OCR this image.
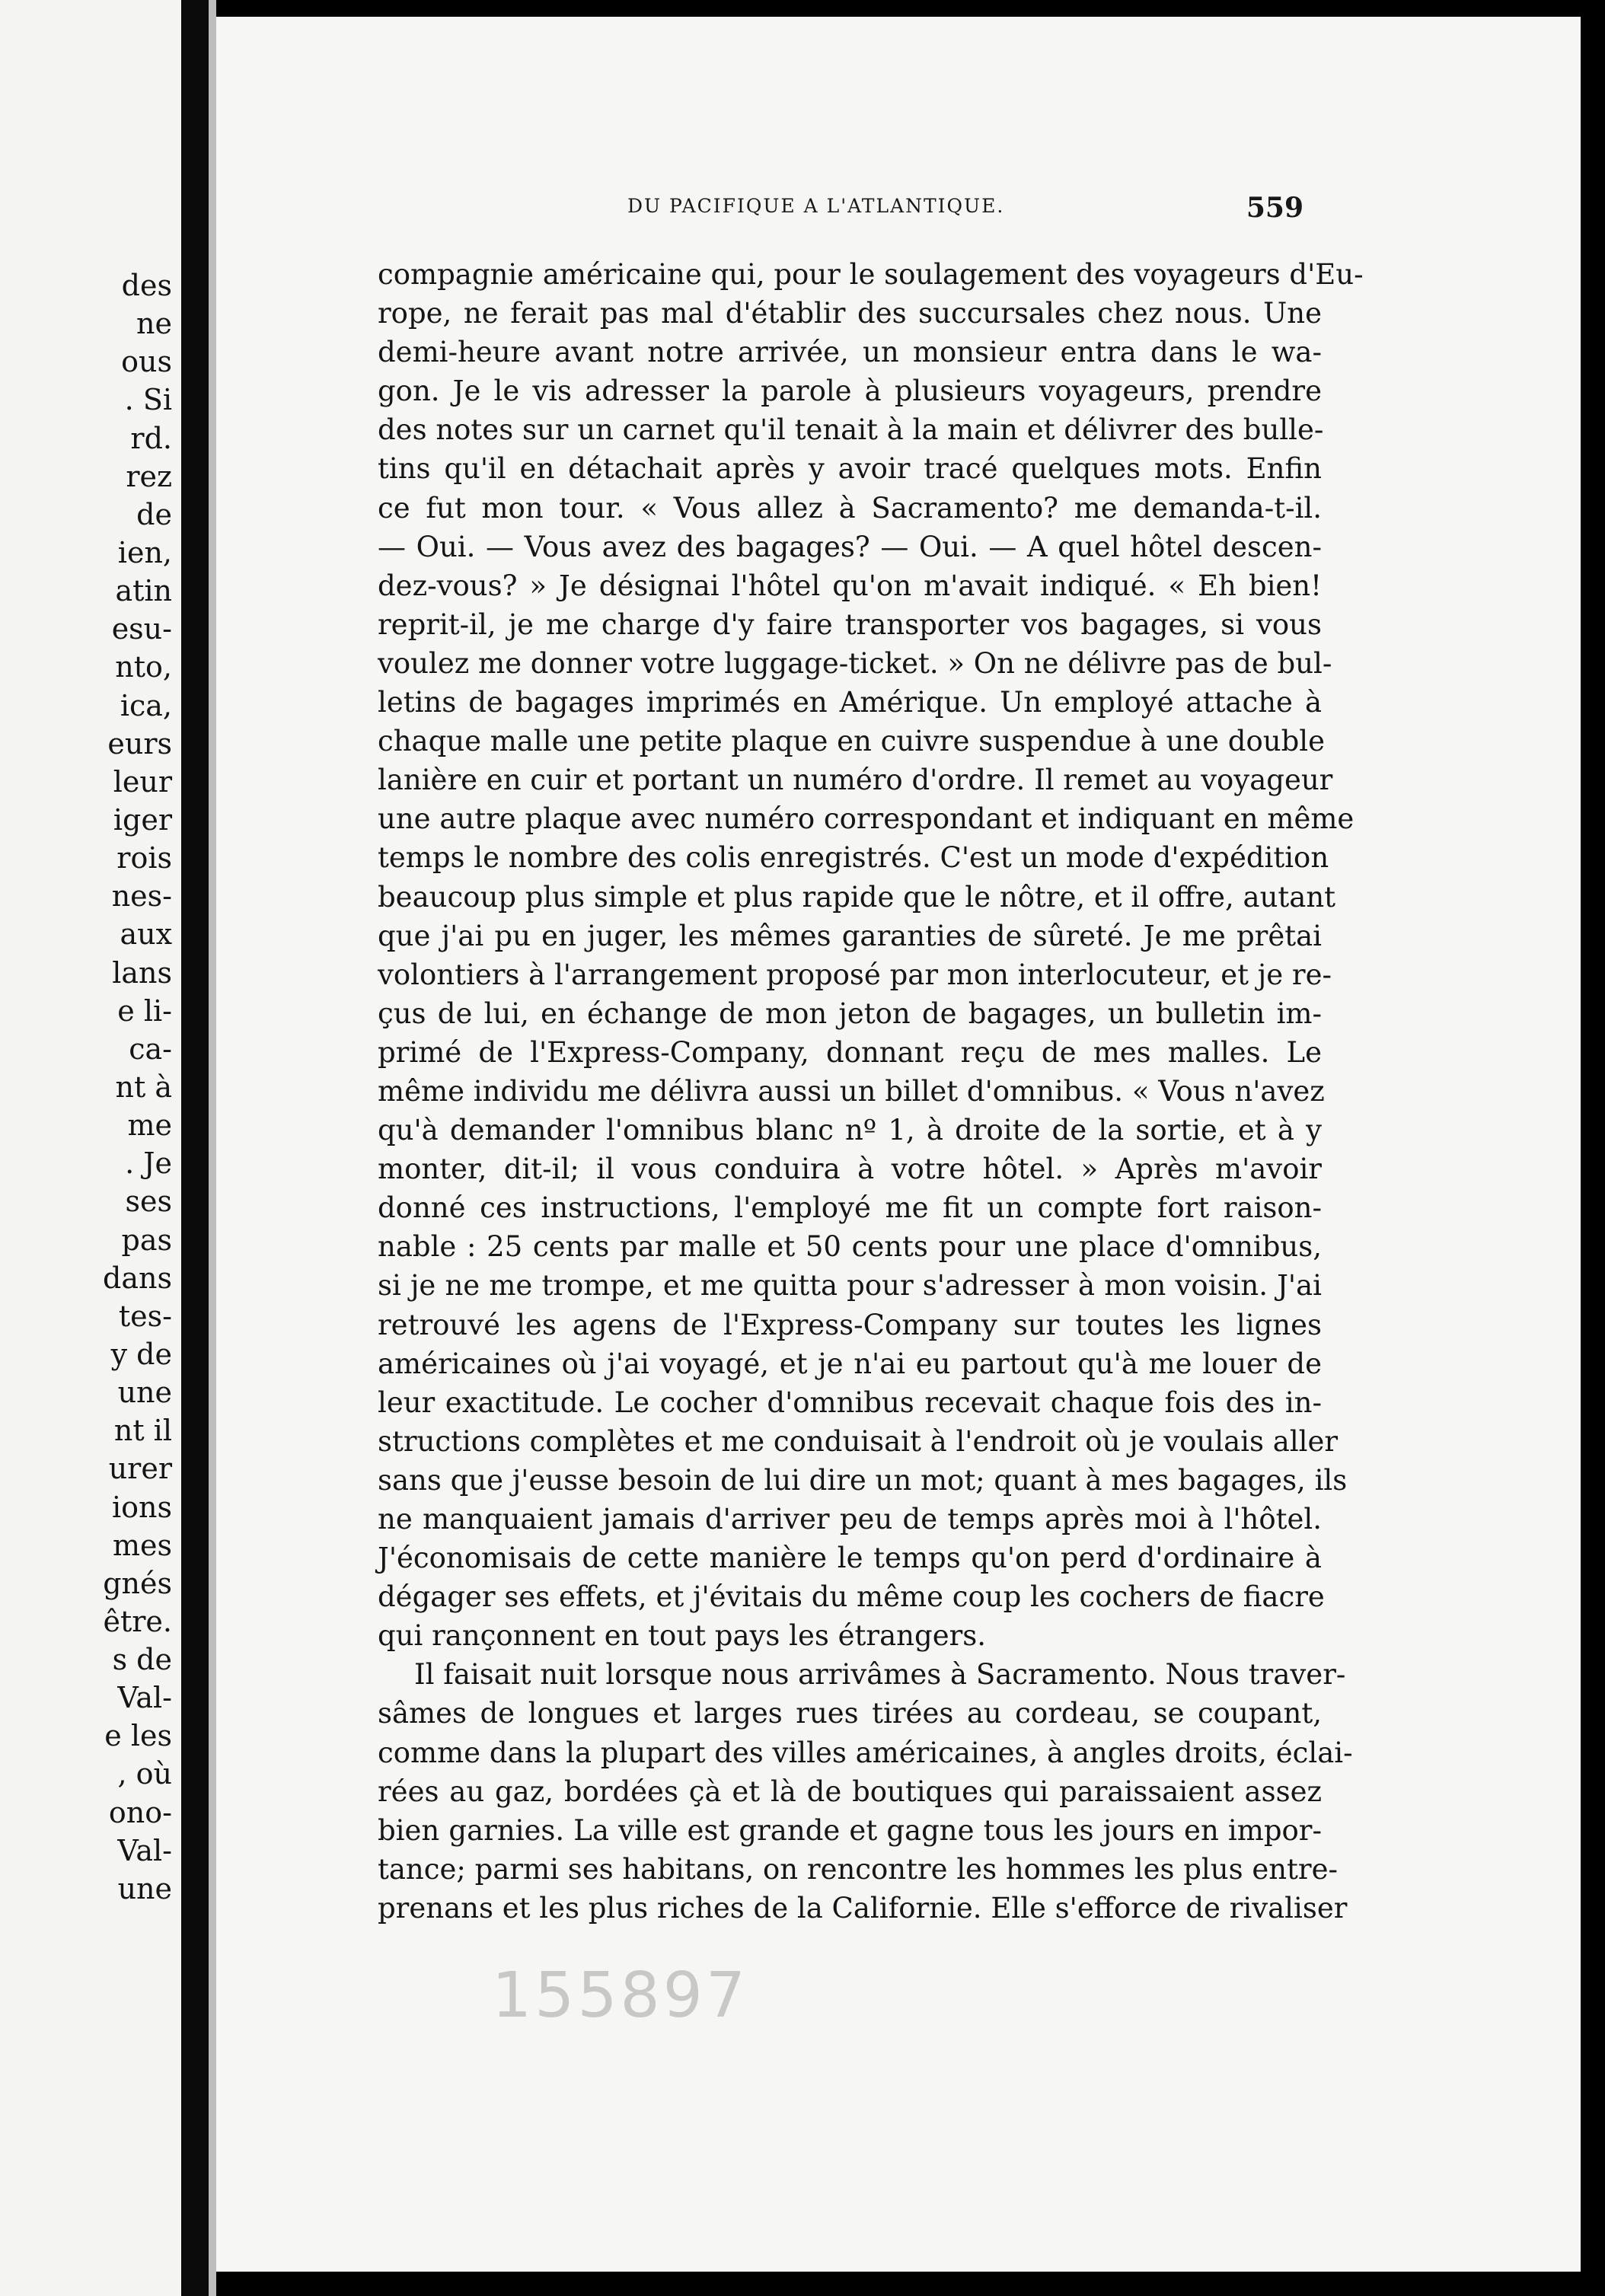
des
ne
ous
. Si
rd.
rez
de
ien,
atin
esu-
nto,
ica,
eurs
leur
iger
rois
nes-
aux
lans
e li-
ca-
nt à
me
. Je
ses
pas
dans
tes-
y de
une
nt il
urer
ions
mes
gnés
être.
s de
Val-
e les
, où
ono-
Val-
une
DU PACIFIQUE A L'ATLANTIQUE.	559
compagnie américaine qui, pour le soulagement des voyageurs d'Eu-
rope, ne ferait pas mal d'établir des succursales chez nous. Une
demi-heure avant notre arrivée, un monsieur entra dans le wa-
gon. Je le vis adresser la parole à plusieurs voyageurs, prendre
des notes sur un carnet qu'il tenait à la main et délivrer des bulle-
tins qu'il en détachait après y avoir tracé quelques mots. Enfin
ce fut mon tour. « Vous allez à Sacramento? me demanda-t-il.
— Oui. — Vous avez des bagages? — Oui. — A quel hôtel descen-
dez-vous? » Je désignai l'hôtel qu'on m'avait indiqué. « Eh bien!
reprit-il, je me charge d'y faire transporter vos bagages, si vous
voulez me donner votre luggage-ticket. » On ne délivre pas de bul-
letins de bagages imprimés en Amérique. Un employé attache à
chaque malle une petite plaque en cuivre suspendue à une double
lanière en cuir et portant un numéro d'ordre. Il remet au voyageur
une autre plaque avec numéro correspondant et indiquant en même
temps le nombre des colis enregistrés. C'est un mode d'expédition
beaucoup plus simple et plus rapide que le nôtre, et il offre, autant
que j'ai pu en juger, les mêmes garanties de sûreté. Je me prêtai
volontiers à l'arrangement proposé par mon interlocuteur, et je re-
çus de lui, en échange de mon jeton de bagages, un bulletin im-
primé de l'Express-Company, donnant reçu de mes malles. Le
même individu me délivra aussi un billet d'omnibus. « Vous n'avez
qu'à demander l'omnibus blanc nº 1, à droite de la sortie, et à y
monter, dit-il; il vous conduira à votre hôtel. » Après m'avoir
donné ces instructions, l'employé me fit un compte fort raison-
nable : 25 cents par malle et 50 cents pour une place d'omnibus,
si je ne me trompe, et me quitta pour s'adresser à mon voisin. J'ai
retrouvé les agens de l'Express-Company sur toutes les lignes
américaines où j'ai voyagé, et je n'ai eu partout qu'à me louer de
leur exactitude. Le cocher d'omnibus recevait chaque fois des in-
structions complètes et me conduisait à l'endroit où je voulais aller
sans que j'eusse besoin de lui dire un mot; quant à mes bagages, ils
ne manquaient jamais d'arriver peu de temps après moi à l'hôtel.
J'économisais de cette manière le temps qu'on perd d'ordinaire à
dégager ses effets, et j'évitais du même coup les cochers de fiacre
qui rançonnent en tout pays les étrangers.
Il faisait nuit lorsque nous arrivâmes à Sacramento. Nous traver-
sâmes de longues et larges rues tirées au cordeau, se coupant,
comme dans la plupart des villes américaines, à angles droits, éclai-
rées au gaz, bordées çà et là de boutiques qui paraissaient assez
bien garnies. La ville est grande et gagne tous les jours en impor-
tance; parmi ses habitans, on rencontre les hommes les plus entre-
prenans et les plus riches de la Californie. Elle s'efforce de rivaliser
155897
